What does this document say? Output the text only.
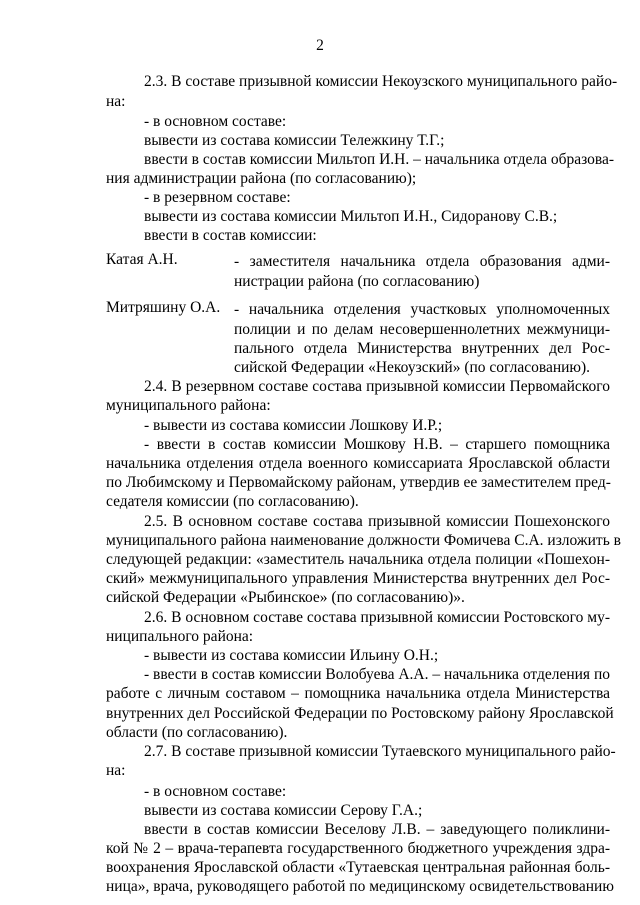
2
2.3. В составе призывной комиссии Некоузского муниципального райо-
на:
- в основном составе:
вывести из состава комиссии Тележкину Т.Г.;
ввести в состав комиссии Мильтоп И.Н. – начальника отдела образова-
ния администрации района (по согласованию);
- в резервном составе:
вывести из состава комиссии Мильтоп И.Н., Сидоранову С.В.;
ввести в состав комиссии:
Катая А.Н.	- заместителя начальника отдела образования адми-
нистрации района (по согласованию)
Митряшину О.А. - начальника отделения участковых уполномоченных
полиции и по делам несовершеннолетних межмуници-
пального отдела Министерства внутренних дел Рос-
сийской Федерации «Некоузский» (по согласованию).
2.4. В резервном составе состава призывной комиссии Первомайского
муниципального района:
- вывести из состава комиссии Лошкову И.Р.;
- ввести в состав комиссии Мошкову Н.В. – старшего помощника
начальника отделения отдела военного комиссариата Ярославской области
по Любимскому и Первомайскому районам, утвердив ее заместителем пред-
седателя комиссии (по согласованию).
2.5. В основном составе состава призывной комиссии Пошехонского
муниципального района наименование должности Фомичева С.А. изложить в
следующей редакции: «заместитель начальника отдела полиции «Пошехон-
ский» межмуниципального управления Министерства внутренних дел Рос-
сийской Федерации «Рыбинское» (по согласованию)».
2.6. В основном составе состава призывной комиссии Ростовского му-
ниципального района:
- вывести из состава комиссии Ильину О.Н.;
- ввести в состав комиссии Волобуева А.А. – начальника отделения по
работе с личным составом – помощника начальника отдела Министерства
внутренних дел Российской Федерации по Ростовскому району Ярославской
области (по согласованию).
2.7. В составе призывной комиссии Тутаевского муниципального райо-
на:
- в основном составе:
вывести из состава комиссии Серову Г.А.;
ввести в состав комиссии Веселову Л.В. – заведующего поликлини-
кой № 2 – врача-терапевта государственного бюджетного учреждения здра-
воохранения Ярославской области «Тутаевская центральная районная боль-
ница», врача, руководящего работой по медицинскому освидетельствованию
